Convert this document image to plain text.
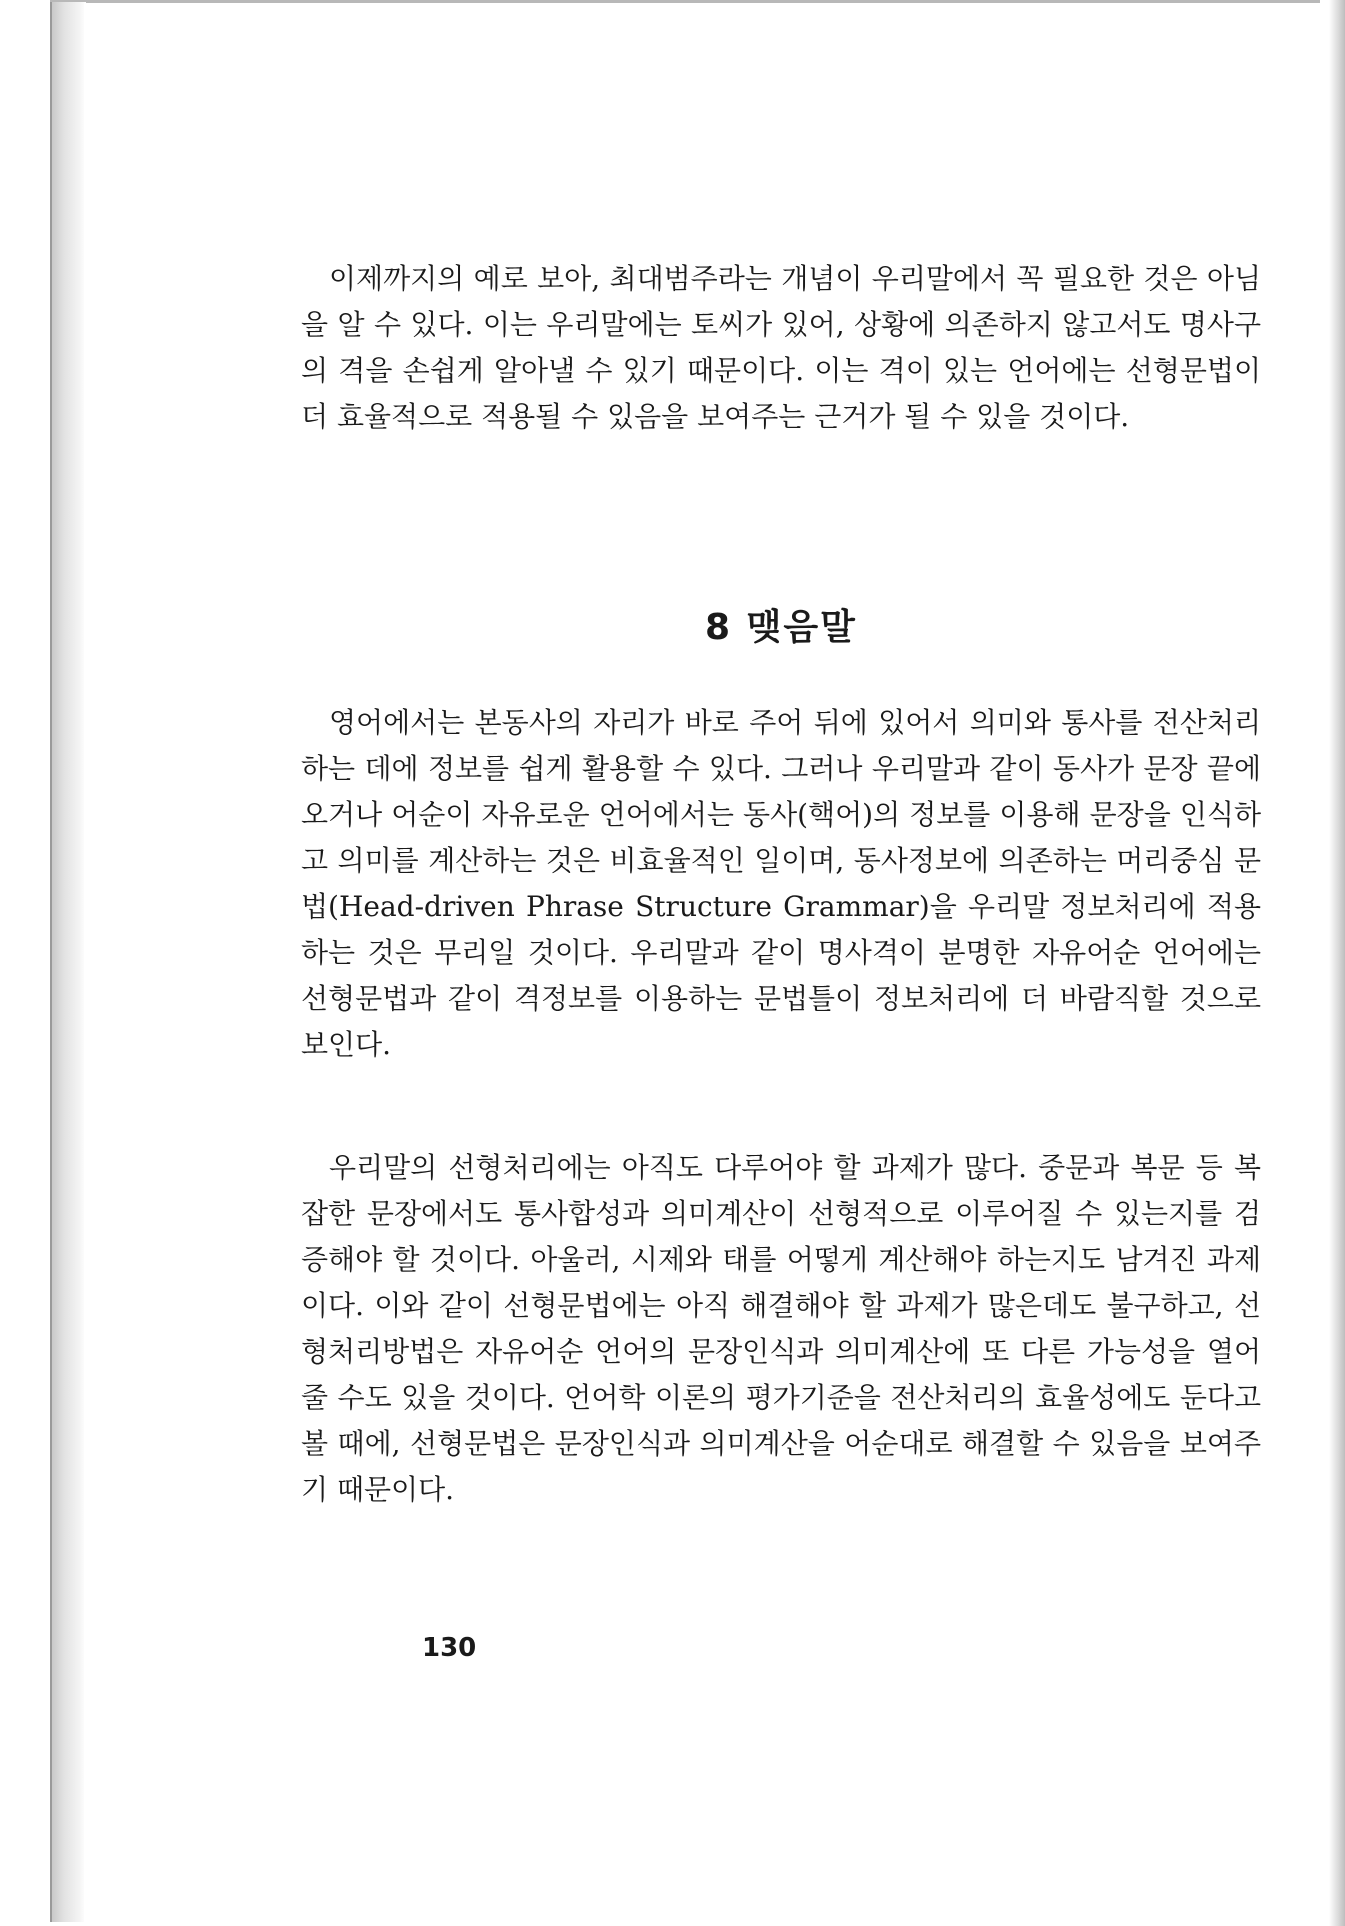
이제까지의 예로 보아, 최대범주라는 개념이 우리말에서 꼭 필요한 것은 아님을 알 수 있다. 이는 우리말에는 토씨가 있어, 상황에 의존하지 않고서도 명사구의 격을 손쉽게 알아낼 수 있기 때문이다. 이는 격이 있는 언어에는 선형문법이 더 효율적으로 적용될 수 있음을 보여주는 근거가 될 수 있을 것이다.

8 맺음말

영어에서는 본동사의 자리가 바로 주어 뒤에 있어서 의미와 통사를 전산처리하는 데에 정보를 쉽게 활용할 수 있다. 그러나 우리말과 같이 동사가 문장 끝에 오거나 어순이 자유로운 언어에서는 동사(핵어)의 정보를 이용해 문장을 인식하고 의미를 계산하는 것은 비효율적인 일이며, 동사정보에 의존하는 머리중심 문법(Head-driven Phrase Structure Grammar)을 우리말 정보처리에 적용하는 것은 무리일 것이다. 우리말과 같이 명사격이 분명한 자유어순 언어에는 선형문법과 같이 격정보를 이용하는 문법틀이 정보처리에 더 바람직할 것으로 보인다.

우리말의 선형처리에는 아직도 다루어야 할 과제가 많다. 중문과 복문 등 복잡한 문장에서도 통사합성과 의미계산이 선형적으로 이루어질 수 있는지를 검증해야 할 것이다. 아울러, 시제와 태를 어떻게 계산해야 하는지도 남겨진 과제이다. 이와 같이 선형문법에는 아직 해결해야 할 과제가 많은데도 불구하고, 선형처리방법은 자유어순 언어의 문장인식과 의미계산에 또 다른 가능성을 열어줄 수도 있을 것이다. 언어학 이론의 평가기준을 전산처리의 효율성에도 둔다고 볼 때에, 선형문법은 문장인식과 의미계산을 어순대로 해결할 수 있음을 보여주기 때문이다.

130
